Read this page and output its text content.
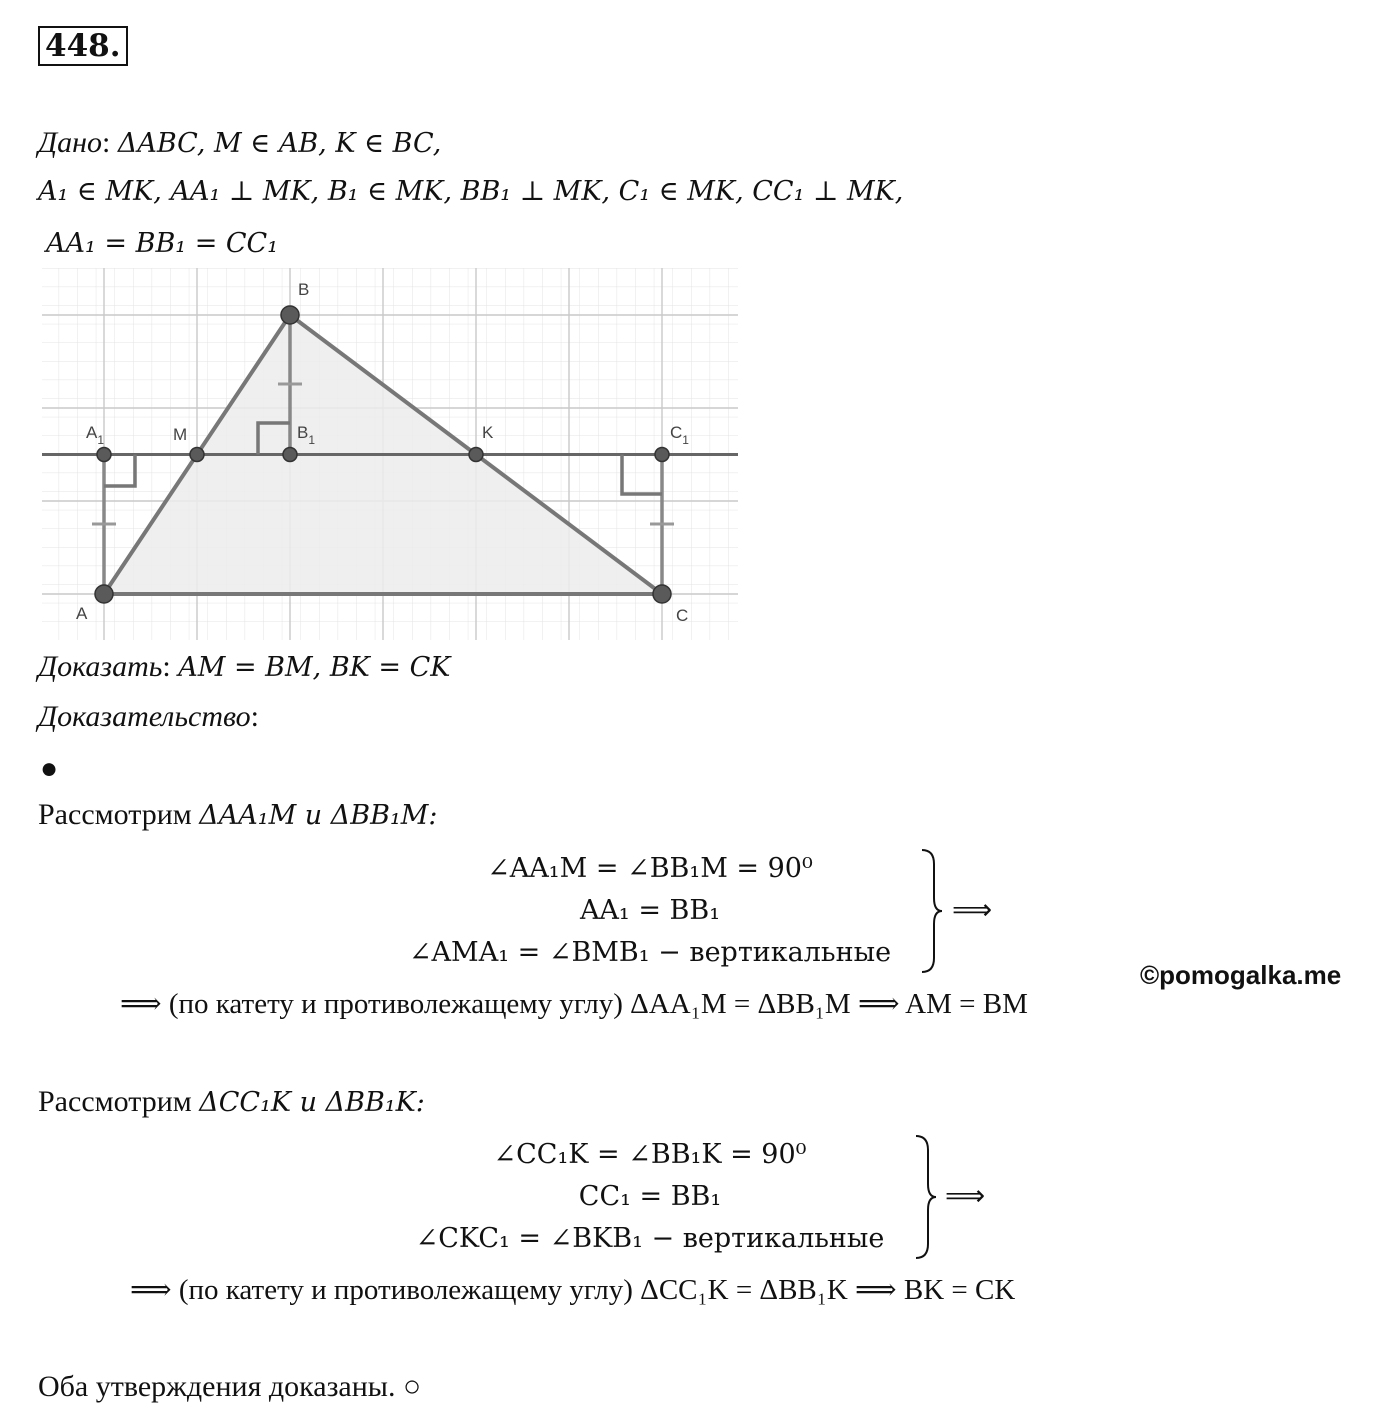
448.
Дано: ΔABC, M ∈ AB, K ∈ BC,
A₁ ∈ MK, AA₁ ⊥ MK, B₁ ∈ MK, BB₁ ⊥ MK, C₁ ∈ MK, CC₁ ⊥ MK,
AA₁ = BB₁ = CC₁
B
A	C
M	K
$A_1$	$B_1$	$C_1$
Доказать: AM = BM, BK = CK
Доказательство:
●
Рассмотрим ΔAA₁M и ΔBB₁M:
∠AA₁M = ∠BB₁M = 90⁰
AA₁ = BB₁
∠AMA₁ = ∠BMB₁ − вертикальные
⟹
⟹ (по катету и противолежащему углу) ΔAA₁M = ΔBB₁M ⟹ AM = BM
©pomogalka.me
Рассмотрим ΔCC₁K и ΔBB₁K:
∠CC₁K = ∠BB₁K = 90⁰
CC₁ = BB₁
∠CKC₁ = ∠BKB₁ − вертикальные
⟹
⟹ (по катету и противолежащему углу) ΔCC₁K = ΔBB₁K ⟹ BK = CK
Оба утверждения доказаны. ○
